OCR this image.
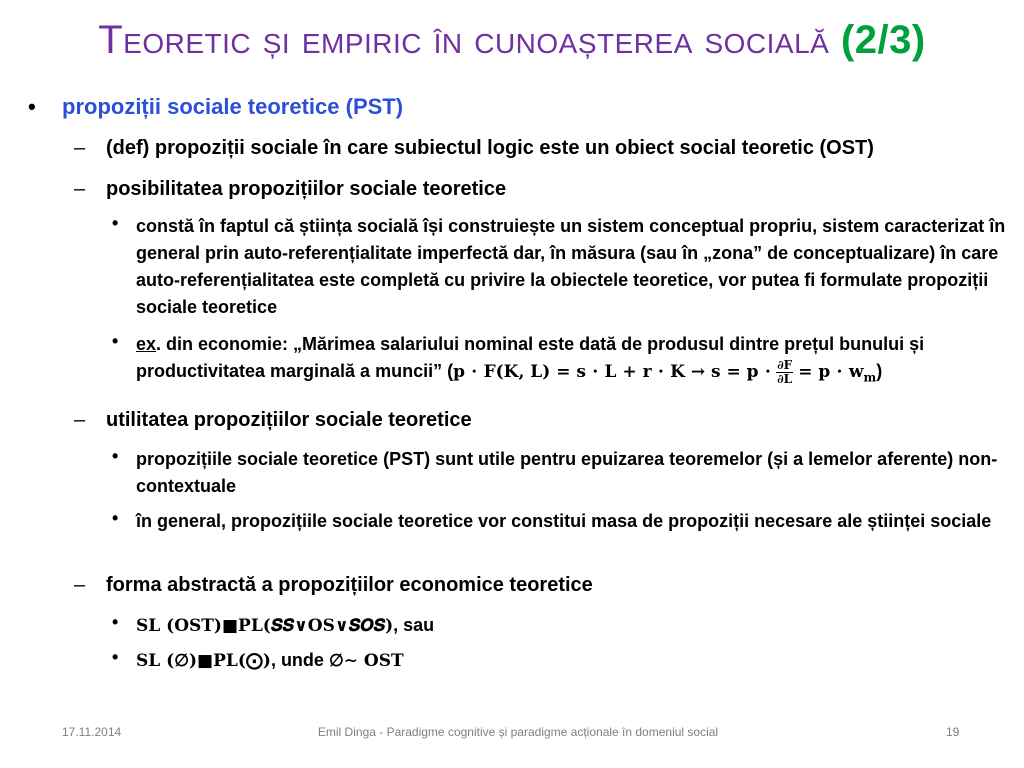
Teoretic și empiric în cunoașterea socială (2/3)
• propoziții sociale teoretice (PST)
– (def) propoziții sociale în care subiectul logic este un obiect social teoretic (OST)
– posibilitatea propozițiilor sociale teoretice
• constă în faptul că știința socială își construiește un sistem conceptual propriu, sistem caracterizat în general prin auto-referențialitate imperfectă dar, în măsura (sau în „zona” de conceptualizare) în care auto-referențialitatea este completă cu privire la obiectele teoretice, vor putea fi formulate propoziții sociale teoretice
• ex. din economie: „Mărimea salariului nominal este dată de produsul dintre prețul bunului și productivitatea marginală a muncii” (𝐩 ⋅ 𝐅(𝐊, 𝐋) = 𝐬 ⋅ 𝐋 + 𝐫 ⋅ 𝐊 → 𝐬 = 𝐩 ⋅ $\frac{\text{∂𝐅}}{\text{∂𝐋}}$ = 𝐩 ⋅ 𝐰$_𝐦$)
– utilitatea propozițiilor sociale teoretice
• propozițiile sociale teoretice (PST) sunt utile pentru epuizarea teoremelor (și a lemelor aferente) non-contextuale
• în general, propozițiile sociale teoretice vor constitui masa de propoziții necesare ale științei sociale
– forma abstractă a propozițiilor economice teoretice
• 𝐒𝐋 (𝐎𝐒𝐓)■𝐏𝐋(𝑺𝑺∨𝐎𝐒∨𝑺𝑶𝑺), sau
• 𝐒𝐋 (∅)■𝐏𝐋(⨀), unde ∅∼ 𝐎𝐒𝐓
17.11.2014	Emil Dinga - Paradigme cognitive și paradigme acționale în domeniul social	19
